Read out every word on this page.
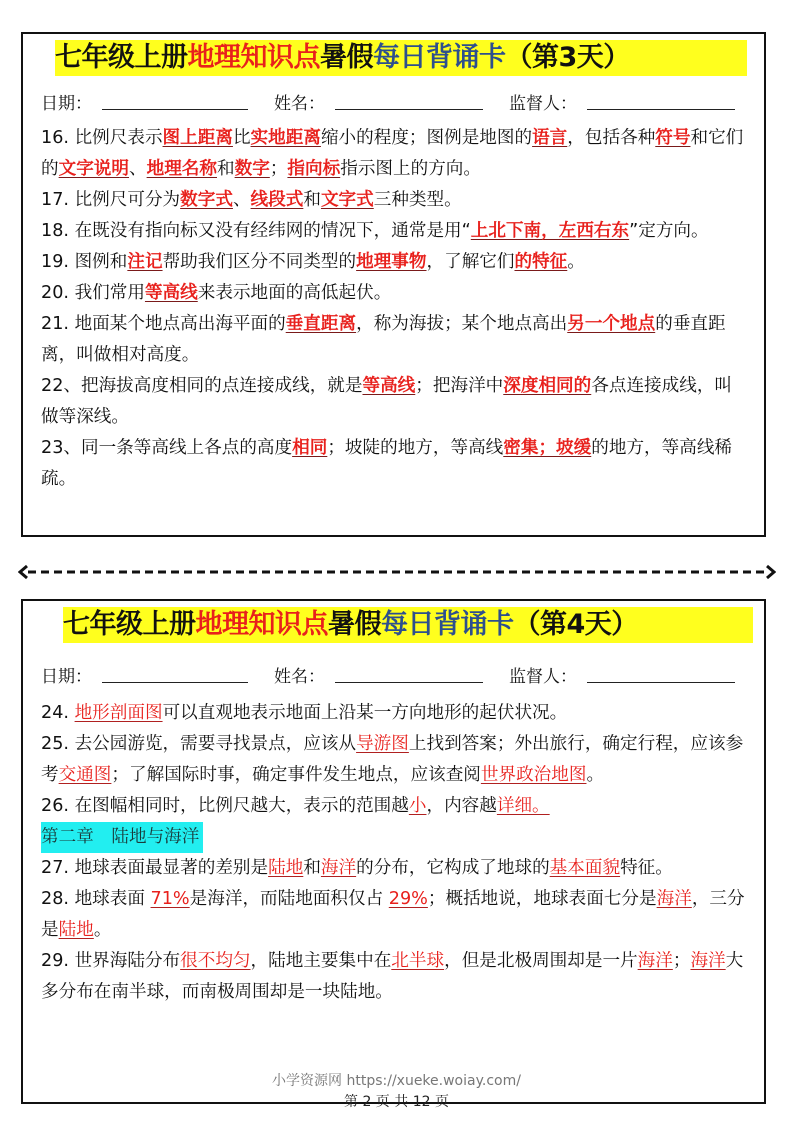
七年级上册地理知识点暑假每日背诵卡（第3天）
日期：	姓名：	监督人：

16. 比例尺表示图上距离比实地距离缩小的程度；图例是地图的语言，包括各种符号和它们的文字说明、地理名称和数字；指向标指示图上的方向。

17. 比例尺可分为数字式、线段式和文字式三种类型。

18. 在既没有指向标又没有经纬网的情况下，通常是用“上北下南，左西右东”定方向。

19. 图例和注记帮助我们区分不同类型的地理事物，了解它们的特征。

20. 我们常用等高线来表示地面的高低起伏。

21. 地面某个地点高出海平面的垂直距离，称为海拔；某个地点高出另一个地点的垂直距离，叫做相对高度。

22、把海拔高度相同的点连接成线，就是等高线；把海洋中深度相同的各点连接成线，叫做等深线。

23、同一条等高线上各点的高度相同；坡陡的地方，等高线密集；坡缓的地方，等高线稀疏。

七年级上册地理知识点暑假每日背诵卡（第4天）
日期：	姓名：	监督人：

24. 地形剖面图可以直观地表示地面上沿某一方向地形的起伏状况。

25. 去公园游览，需要寻找景点，应该从导游图上找到答案；外出旅行，确定行程，应该参考交通图；了解国际时事，确定事件发生地点，应该查阅世界政治地图。

26. 在图幅相同时，比例尺越大，表示的范围越小，内容越详细。

第二章　陆地与海洋

27. 地球表面最显著的差别是陆地和海洋的分布，它构成了地球的基本面貌特征。

28. 地球表面 71%是海洋，而陆地面积仅占 29%；概括地说，地球表面七分是海洋，三分是陆地。

29. 世界海陆分布很不均匀，陆地主要集中在北半球，但是北极周围却是一片海洋；海洋大多分布在南半球，而南极周围却是一块陆地。

小学资源网 https://xueke.woiay.com/
第 2 页 共 12 页
